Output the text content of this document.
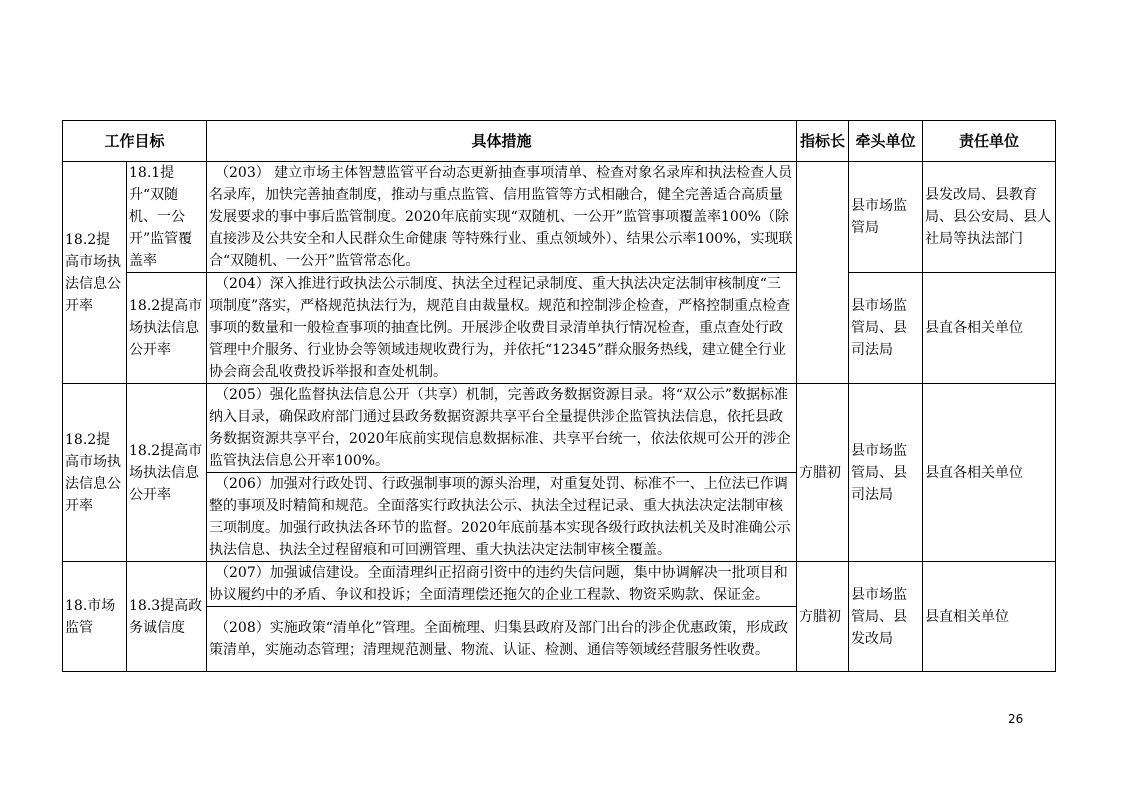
工作目标		具体措施	指标长	牵头单位	责任单位
18.2提高市场执法信息公开率	18.1提升“双随机、一公开”监管覆盖率	（203） 建立市场主体智慧监管平台动态更新抽查事项清单、检查对象名录库和执法检查人员名录库，加快完善抽查制度，推动与重点监管、信用监管等方式相融合，健全完善适合高质量发展要求的事中事后监管制度。2020年底前实现“双随机、一公开”监管事项覆盖率100%（除直接涉及公共安全和人民群众生命健康 等特殊行业、重点领域外）、结果公示率100%，实现联合“双随机、一公开”监管常态化。		县市场监管局	县发改局、县教育局、县公安局、县人社局等执法部门
	18.2提高市场执法信息公开率	（204）深入推进行政执法公示制度、执法全过程记录制度、重大执法决定法制审核制度“三项制度”落实，严格规范执法行为，规范自由裁量权。规范和控制涉企检查，严格控制重点检查事项的数量和一般检查事项的抽查比例。开展涉企收费目录清单执行情况检查，重点查处行政管理中介服务、行业协会等领域违规收费行为，并依托“12345”群众服务热线，建立健全行业协会商会乱收费投诉举报和查处机制。		县市场监管局、县司法局	县直各相关单位
18.2提高市场执法信息公开率	18.2提高市场执法信息公开率	（205）强化监督执法信息公开（共享）机制，完善政务数据资源目录。将“双公示”数据标准纳入目录，确保政府部门通过县政务数据资源共享平台全量提供涉企监管执法信息，依托县政务数据资源共享平台，2020年底前实现信息数据标准、共享平台统一，依法依规可公开的涉企监管执法信息公开率100%。	方腊初	县市场监管局、县司法局	县直各相关单位
		（206）加强对行政处罚、行政强制事项的源头治理，对重复处罚、标准不一、上位法已作调整的事项及时精简和规范。全面落实行政执法公示、执法全过程记录、重大执法决定法制审核三项制度。加强行政执法各环节的监督。2020年底前基本实现各级行政执法机关及时准确公示执法信息、执法全过程留痕和可回溯管理、重大执法决定法制审核全覆盖。			
18.市场监管	18.3提高政务诚信度	（207）加强诚信建设。全面清理纠正招商引资中的违约失信问题，集中协调解决一批项目和协议履约中的矛盾、争议和投诉；全面清理偿还拖欠的企业工程款、物资采购款、保证金。	方腊初	县市场监管局、县发改局	县直相关单位
		（208）实施政策“清单化”管理。全面梳理、归集县政府及部门出台的涉企优惠政策，形成政策清单，实施动态管理；清理规范测量、物流、认证、检测、通信等领域经营服务性收费。			
26
